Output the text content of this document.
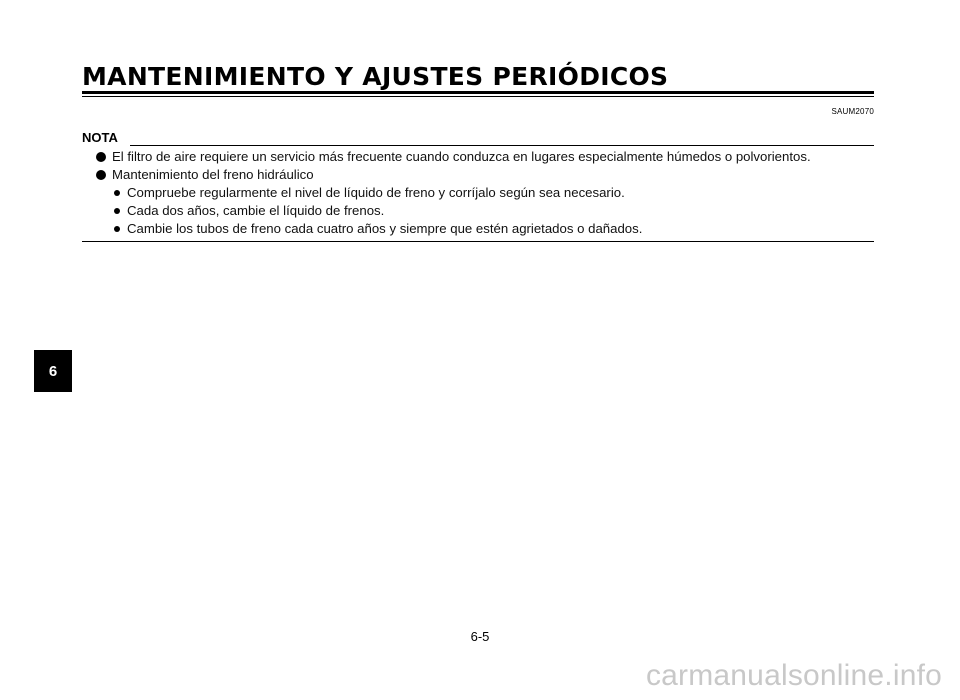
MANTENIMIENTO Y AJUSTES PERIÓDICOS
SAUM2070
NOTA
El filtro de aire requiere un servicio más frecuente cuando conduzca en lugares especialmente húmedos o polvorientos.
Mantenimiento del freno hidráulico
Compruebe regularmente el nivel de líquido de freno y corríjalo según sea necesario.
Cada dos años, cambie el líquido de frenos.
Cambie los tubos de freno cada cuatro años y siempre que estén agrietados o dañados.
6
6-5
carmanualsonline.info
